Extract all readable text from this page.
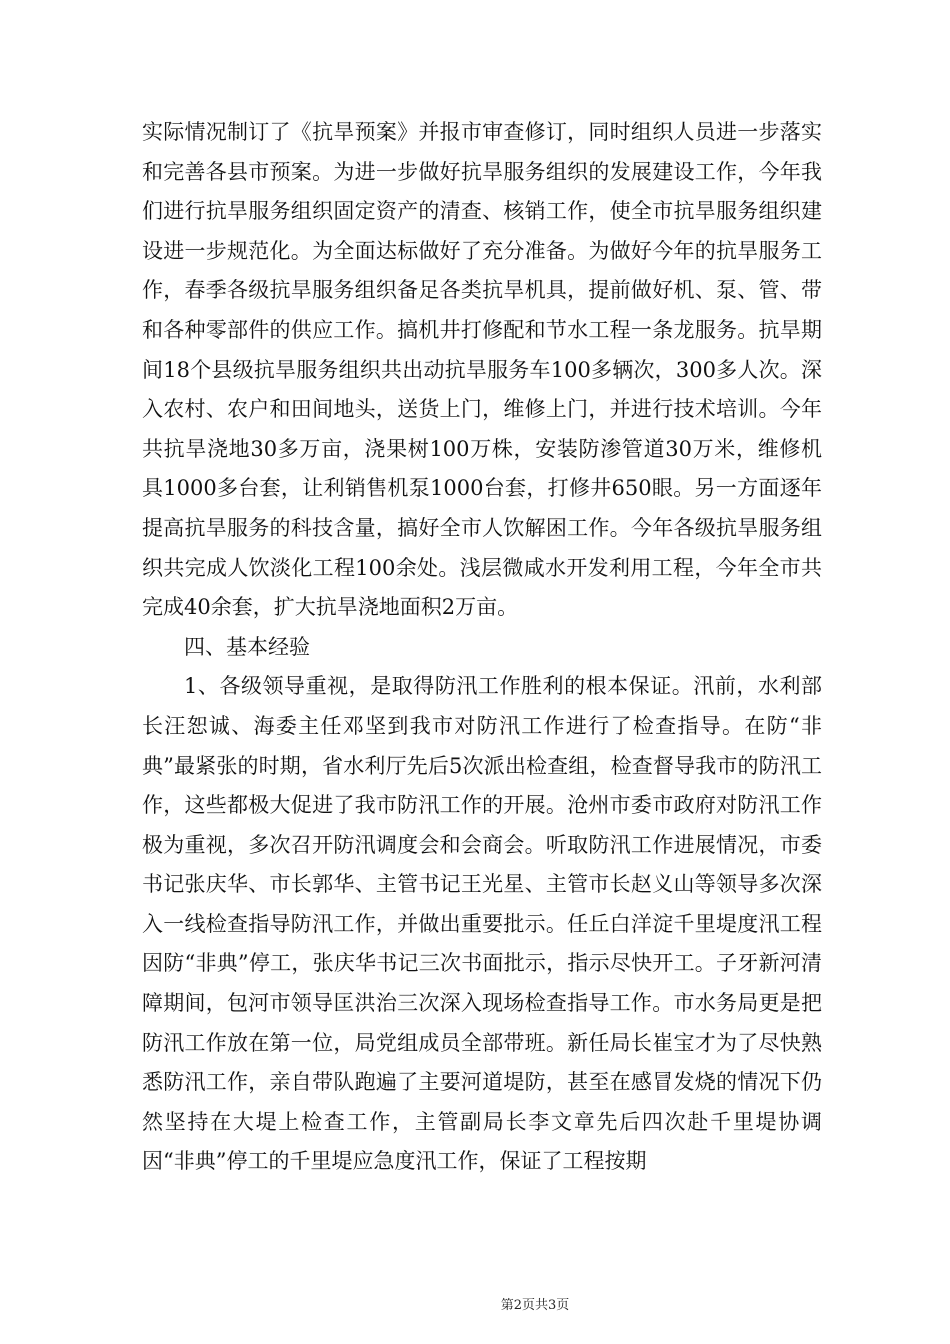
实际情况制订了《抗旱预案》并报市审查修订，同时组织人员进一步落实和完善各县市预案。为进一步做好抗旱服务组织的发展建设工作，今年我们进行抗旱服务组织固定资产的清查、核销工作，使全市抗旱服务组织建设进一步规范化。为全面达标做好了充分准备。为做好今年的抗旱服务工作，春季各级抗旱服务组织备足各类抗旱机具，提前做好机、泵、管、带和各种零部件的供应工作。搞机井打修配和节水工程一条龙服务。抗旱期间18个县级抗旱服务组织共出动抗旱服务车100多辆次，300多人次。深入农村、农户和田间地头，送货上门，维修上门，并进行技术培训。今年共抗旱浇地30多万亩，浇果树100万株，安装防渗管道30万米，维修机具1000多台套，让利销售机泵1000台套，打修井650眼。另一方面逐年提高抗旱服务的科技含量，搞好全市人饮解困工作。今年各级抗旱服务组织共完成人饮淡化工程100余处。浅层微咸水开发利用工程，今年全市共完成40余套，扩大抗旱浇地面积2万亩。

四、基本经验

1、各级领导重视，是取得防汛工作胜利的根本保证。汛前，水利部长汪恕诚、海委主任邓坚到我市对防汛工作进行了检查指导。在防“非典”最紧张的时期，省水利厅先后5次派出检查组，检查督导我市的防汛工作，这些都极大促进了我市防汛工作的开展。沧州市委市政府对防汛工作极为重视，多次召开防汛调度会和会商会。听取防汛工作进展情况，市委书记张庆华、市长郭华、主管书记王光星、主管市长赵义山等领导多次深入一线检查指导防汛工作，并做出重要批示。任丘白洋淀千里堤度汛工程因防“非典”停工，张庆华书记三次书面批示，指示尽快开工。子牙新河清障期间，包河市领导匡洪治三次深入现场检查指导工作。市水务局更是把防汛工作放在第一位，局党组成员全部带班。新任局长崔宝才为了尽快熟悉防汛工作，亲自带队跑遍了主要河道堤防，甚至在感冒发烧的情况下仍然坚持在大堤上检查工作，主管副局长李文章先后四次赴千里堤协调因“非典”停工的千里堤应急度汛工作，保证了工程按期

第2页共3页
